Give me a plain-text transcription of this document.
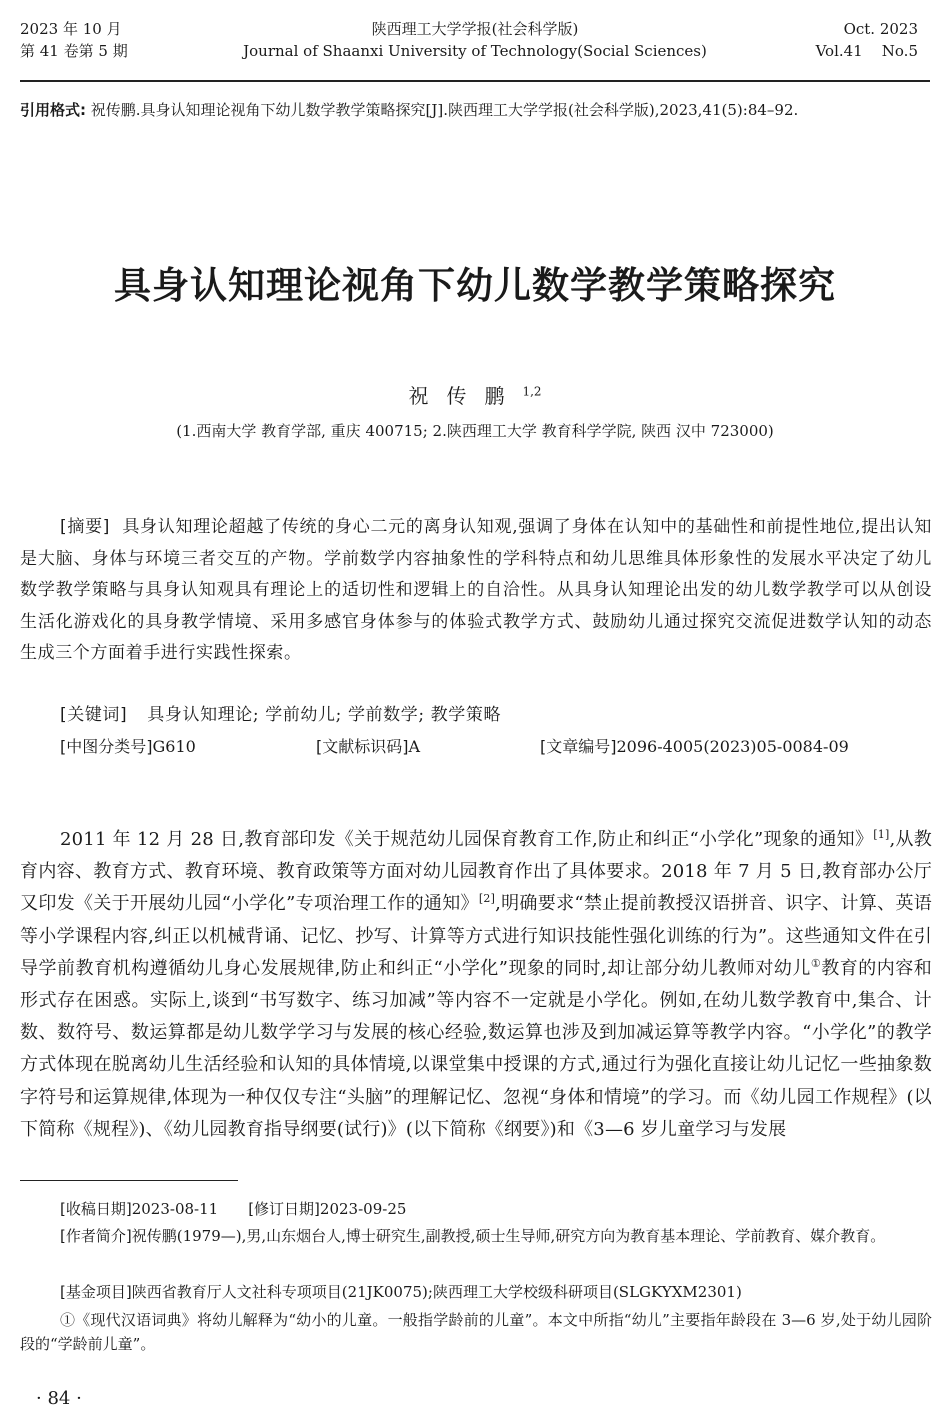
2023 年 10 月
第 41 卷第 5 期
陕西理工大学学报(社会科学版)
Journal of Shaanxi University of Technology(Social Sciences)
Oct. 2023
Vol.41    No.5
引用格式: 祝传鹏.具身认知理论视角下幼儿数学教学策略探究[J].陕西理工大学学报(社会科学版),2023,41(5):84–92.
具身认知理论视角下幼儿数学教学策略探究
祝传鹏$^{1,2}$
(1.西南大学 教育学部, 重庆 400715; 2.陕西理工大学 教育科学学院, 陕西 汉中 723000)

[摘要] 具身认知理论超越了传统的身心二元的离身认知观,强调了身体在认知中的基础性和前提性地位,提出认知是大脑、身体与环境三者交互的产物。学前数学内容抽象性的学科特点和幼儿思维具体形象性的发展水平决定了幼儿数学教学策略与具身认知观具有理论上的适切性和逻辑上的自洽性。从具身认知理论出发的幼儿数学教学可以从创设生活化游戏化的具身教学情境、采用多感官身体参与的体验式教学方式、鼓励幼儿通过探究交流促进数学认知的动态生成三个方面着手进行实践性探索。

[关键词] 具身认知理论; 学前幼儿; 学前数学; 教学策略
[中图分类号]G610	[文献标识码]A	[文章编号]2096-4005(2023)05-0084-09

2011 年 12 月 28 日,教育部印发《关于规范幼儿园保育教育工作,防止和纠正“小学化”现象的通知》[1],从教育内容、教育方式、教育环境、教育政策等方面对幼儿园教育作出了具体要求。2018 年 7 月 5 日,教育部办公厅又印发《关于开展幼儿园“小学化”专项治理工作的通知》[2],明确要求“禁止提前教授汉语拼音、识字、计算、英语等小学课程内容,纠正以机械背诵、记忆、抄写、计算等方式进行知识技能性强化训练的行为”。这些通知文件在引导学前教育机构遵循幼儿身心发展规律,防止和纠正“小学化”现象的同时,却让部分幼儿教师对幼儿①教育的内容和形式存在困惑。实际上,谈到“书写数字、练习加减”等内容不一定就是小学化。例如,在幼儿数学教育中,集合、计数、数符号、数运算都是幼儿数学学习与发展的核心经验,数运算也涉及到加减运算等教学内容。“小学化”的教学方式体现在脱离幼儿生活经验和认知的具体情境,以课堂集中授课的方式,通过行为强化直接让幼儿记忆一些抽象数字符号和运算规律,体现为一种仅仅专注“头脑”的理解记忆、忽视“身体和情境”的学习。而《幼儿园工作规程》(以下简称《规程》)、《幼儿园教育指导纲要(试行)》(以下简称《纲要》)和《3—6 岁儿童学习与发展

[收稿日期]2023-08-11 [修订日期]2023-09-25
[作者简介]祝传鹏(1979—),男,山东烟台人,博士研究生,副教授,硕士生导师,研究方向为教育基本理论、学前教育、媒介教育。
[基金项目]陕西省教育厅人文社科专项项目(21JK0075);陕西理工大学校级科研项目(SLGKYXM2301)
①《现代汉语词典》将幼儿解释为“幼小的儿童。一般指学龄前的儿童”。本文中所指“幼儿”主要指年龄段在 3—6 岁,处于幼儿园阶段的“学龄前儿童”。
· 84 ·
